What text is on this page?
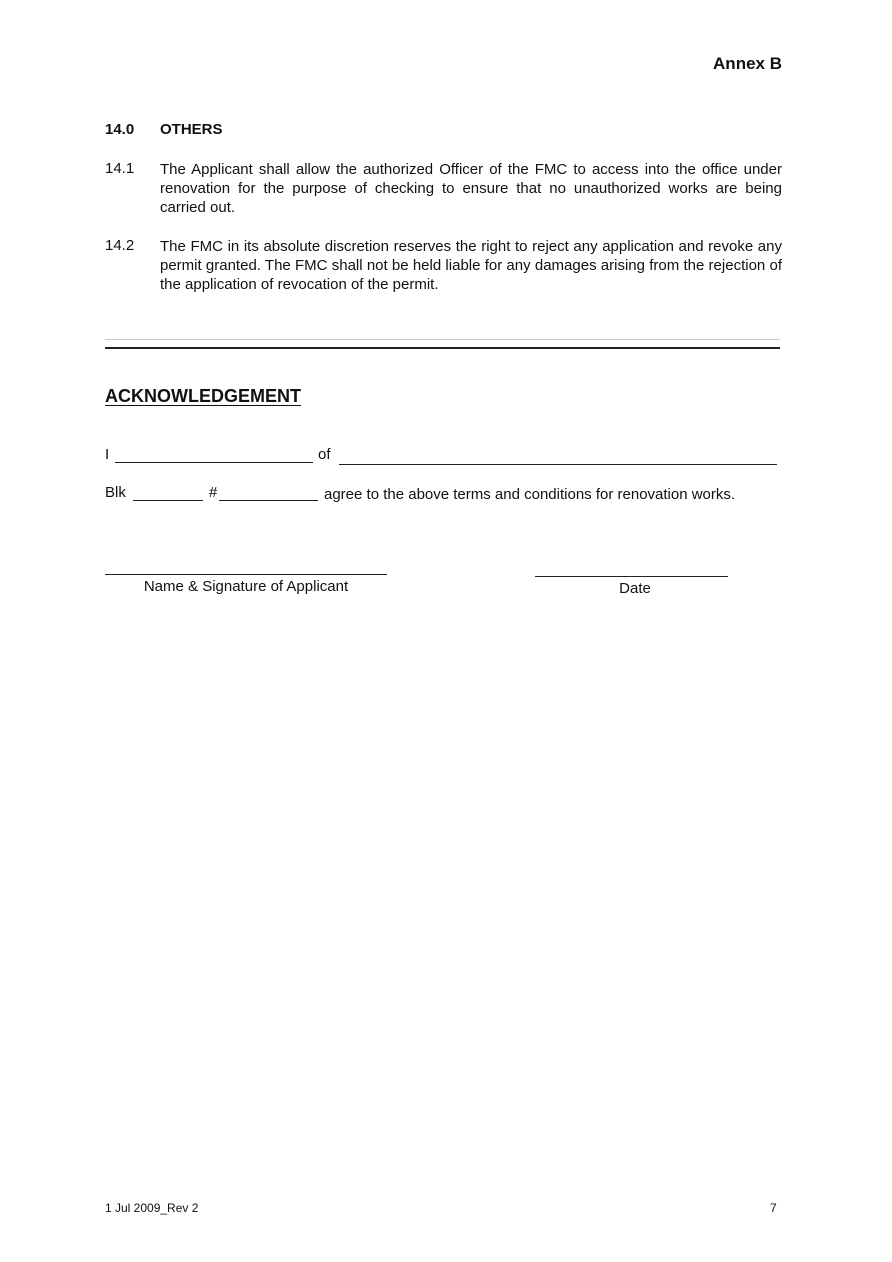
Annex B
14.0 OTHERS
14.1 The Applicant shall allow the authorized Officer of the FMC to access into the office under renovation for the purpose of checking to ensure that no unauthorized works are being carried out.
14.2 The FMC in its absolute discretion reserves the right to reject any application and revoke any permit granted. The FMC shall not be held liable for any damages arising from the rejection of the application of revocation of the permit.
ACKNOWLEDGEMENT
I	of
Blk	#	agree to the above terms and conditions for renovation works.
Name & Signature of Applicant	Date
1 Jul 2009_Rev 2	7
